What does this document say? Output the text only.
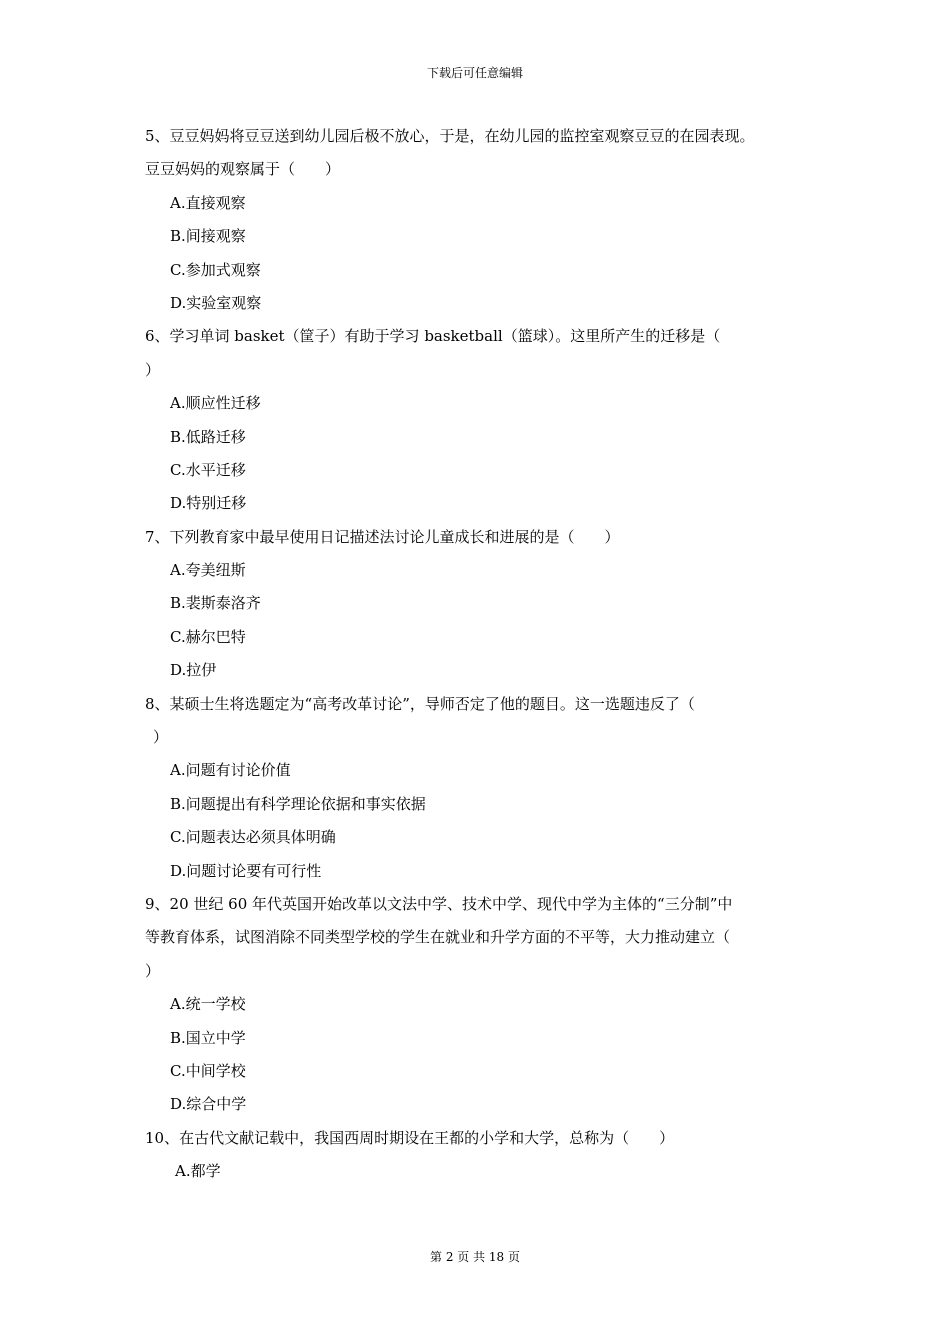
下载后可任意编辑
5、豆豆妈妈将豆豆送到幼儿园后极不放心，于是，在幼儿园的监控室观察豆豆的在园表现。
豆豆妈妈的观察属于（　　）
A.直接观察
B.间接观察
C.参加式观察
D.实验室观察
6、学习单词 basket（筐子）有助于学习 basketball（篮球）。这里所产生的迁移是（
）
A.顺应性迁移
B.低路迁移
C.水平迁移
D.特别迁移
7、下列教育家中最早使用日记描述法讨论儿童成长和进展的是（　　）
A.夸美纽斯
B.裴斯泰洛齐
C.赫尔巴特
D.拉伊
8、某硕士生将选题定为“高考改革讨论”，导师否定了他的题目。这一选题违反了（
）
A.问题有讨论价值
B.问题提出有科学理论依据和事实依据
C.问题表达必须具体明确
D.问题讨论要有可行性
9、20 世纪 60 年代英国开始改革以文法中学、技术中学、现代中学为主体的“三分制”中
等教育体系，试图消除不同类型学校的学生在就业和升学方面的不平等，大力推动建立（
）
A.统一学校
B.国立中学
C.中间学校
D.综合中学
10、在古代文献记载中，我国西周时期设在王都的小学和大学，总称为（　　）
A.都学
第 2 页 共 18 页
